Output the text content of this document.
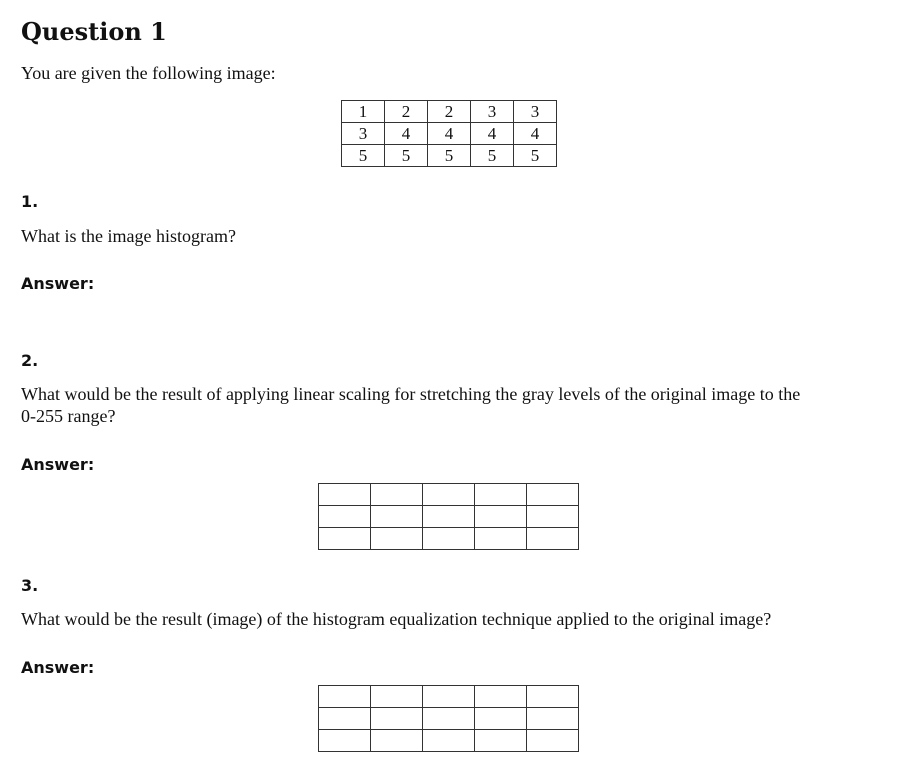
Question 1
You are given the following image:
1	2	2	3	3
3	4	4	4	4
5	5	5	5	5
1.
What is the image histogram?
Answer:
2.
What would be the result of applying linear scaling for stretching the gray levels of the original image to the
0-255 range?
Answer:

3.
What would be the result (image) of the histogram equalization technique applied to the original image?
Answer:
